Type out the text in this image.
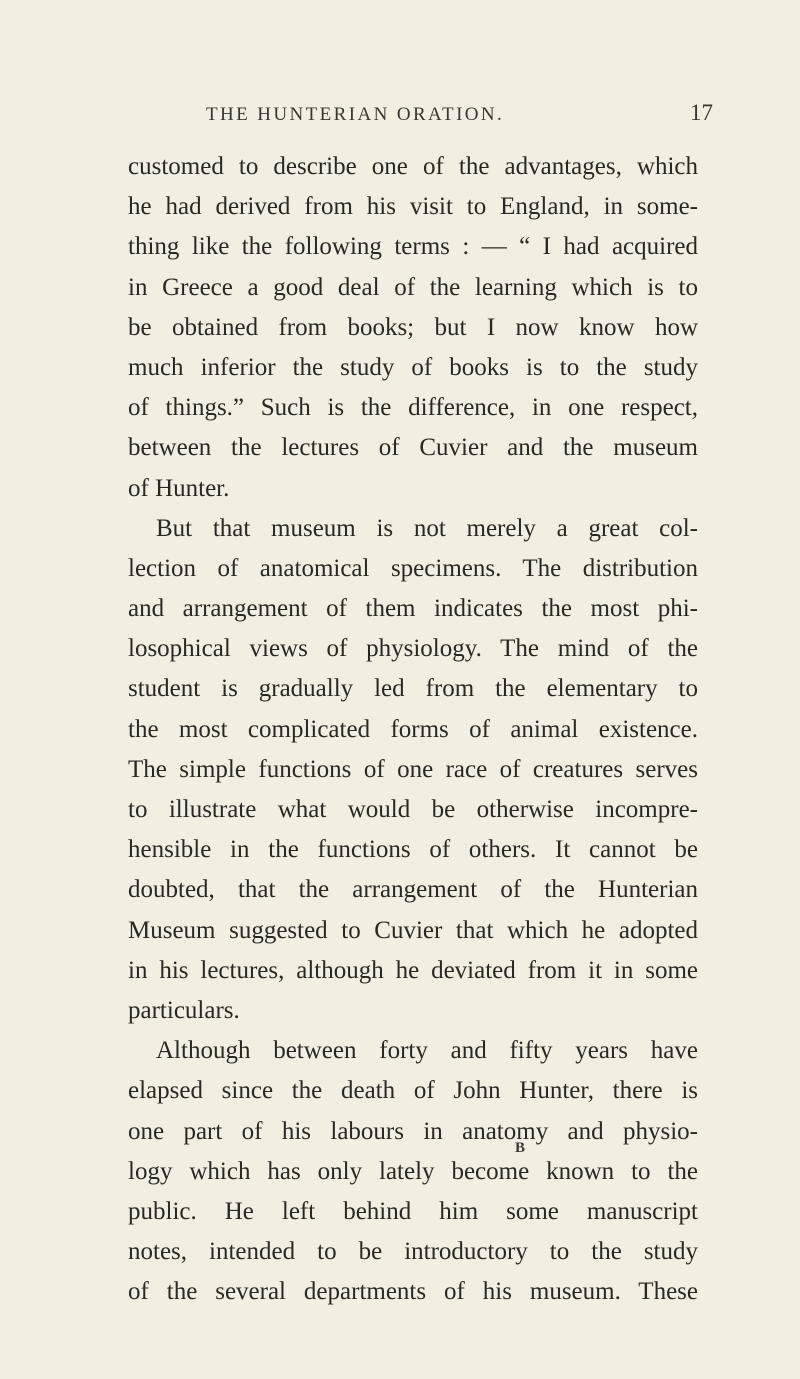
THE HUNTERIAN ORATION.	17
customed to describe one of the advantages, which
he had derived from his visit to England, in some-
thing like the following terms : — “ I had acquired
in Greece a good deal of the learning which is to
be obtained from books; but I now know how
much inferior the study of books is to the study
of things.” Such is the difference, in one respect,
between the lectures of Cuvier and the museum
of Hunter.
But that museum is not merely a great col-
lection of anatomical specimens. The distribution
and arrangement of them indicates the most phi-
losophical views of physiology. The mind of the
student is gradually led from the elementary to
the most complicated forms of animal existence.
The simple functions of one race of creatures serves
to illustrate what would be otherwise incompre-
hensible in the functions of others. It cannot be
doubted, that the arrangement of the Hunterian
Museum suggested to Cuvier that which he adopted
in his lectures, although he deviated from it in some
particulars.
Although between forty and fifty years have
elapsed since the death of John Hunter, there is
one part of his labours in anatomy and physio-
logy which has only lately become known to the
public. He left behind him some manuscript
notes, intended to be introductory to the study
of the several departments of his museum. These
B
